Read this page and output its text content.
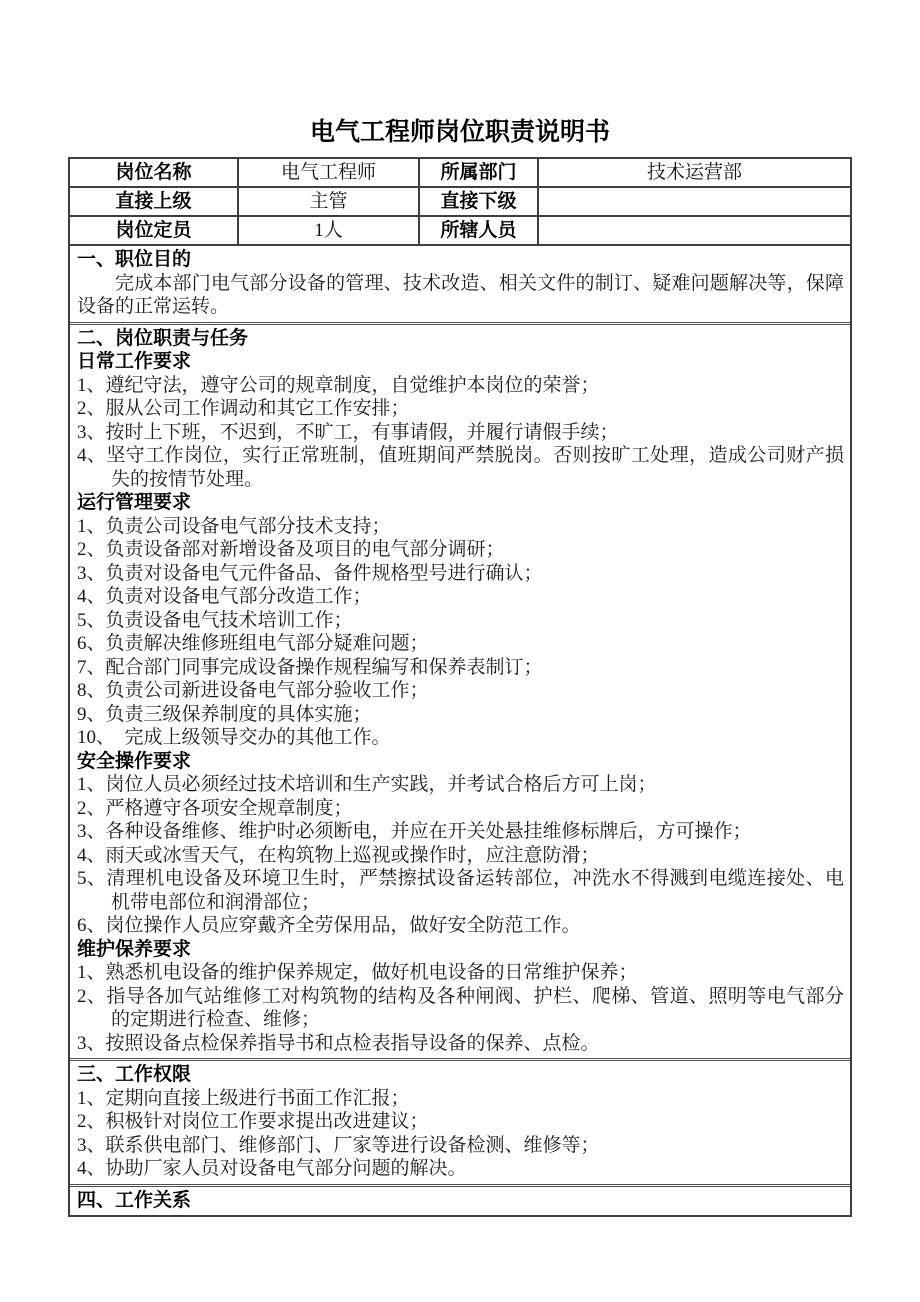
电气工程师岗位职责说明书
岗位名称	电气工程师	所属部门	技术运营部
直接上级	主管	直接下级
岗位定员	1人	所辖人员
一、职位目的

完成本部门电气部分设备的管理、技术改造、相关文件的制订、疑难问题解决等，保障设备的正常运转。

二、岗位职责与任务
日常工作要求
1、遵纪守法，遵守公司的规章制度，自觉维护本岗位的荣誉；
2、服从公司工作调动和其它工作安排；
3、按时上下班，不迟到，不旷工，有事请假，并履行请假手续；
4、坚守工作岗位，实行正常班制，值班期间严禁脱岗。否则按旷工处理，造成公司财产损失的按情节处理。
运行管理要求
1、负责公司设备电气部分技术支持；
2、负责设备部对新增设备及项目的电气部分调研；
3、负责对设备电气元件备品、备件规格型号进行确认；
4、负责对设备电气部分改造工作；
5、负责设备电气技术培训工作；
6、负责解决维修班组电气部分疑难问题；
7、配合部门同事完成设备操作规程编写和保养表制订；
8、负责公司新进设备电气部分验收工作；
9、负责三级保养制度的具体实施；
10、　完成上级领导交办的其他工作。
安全操作要求
1、岗位人员必须经过技术培训和生产实践，并考试合格后方可上岗；
2、严格遵守各项安全规章制度；
3、各种设备维修、维护时必须断电，并应在开关处悬挂维修标牌后，方可操作；
4、雨天或冰雪天气，在构筑物上巡视或操作时，应注意防滑；
5、清理机电设备及环境卫生时，严禁擦拭设备运转部位，冲洗水不得溅到电缆连接处、电机带电部位和润滑部位；
6、岗位操作人员应穿戴齐全劳保用品，做好安全防范工作。
维护保养要求
1、熟悉机电设备的维护保养规定，做好机电设备的日常维护保养；
2、指导各加气站维修工对构筑物的结构及各种闸阀、护栏、爬梯、管道、照明等电气部分的定期进行检查、维修；
3、按照设备点检保养指导书和点检表指导设备的保养、点检。
三、工作权限
1、定期向直接上级进行书面工作汇报；
2、积极针对岗位工作要求提出改进建议；
3、联系供电部门、维修部门、厂家等进行设备检测、维修等；
4、协助厂家人员对设备电气部分问题的解决。
四、工作关系
